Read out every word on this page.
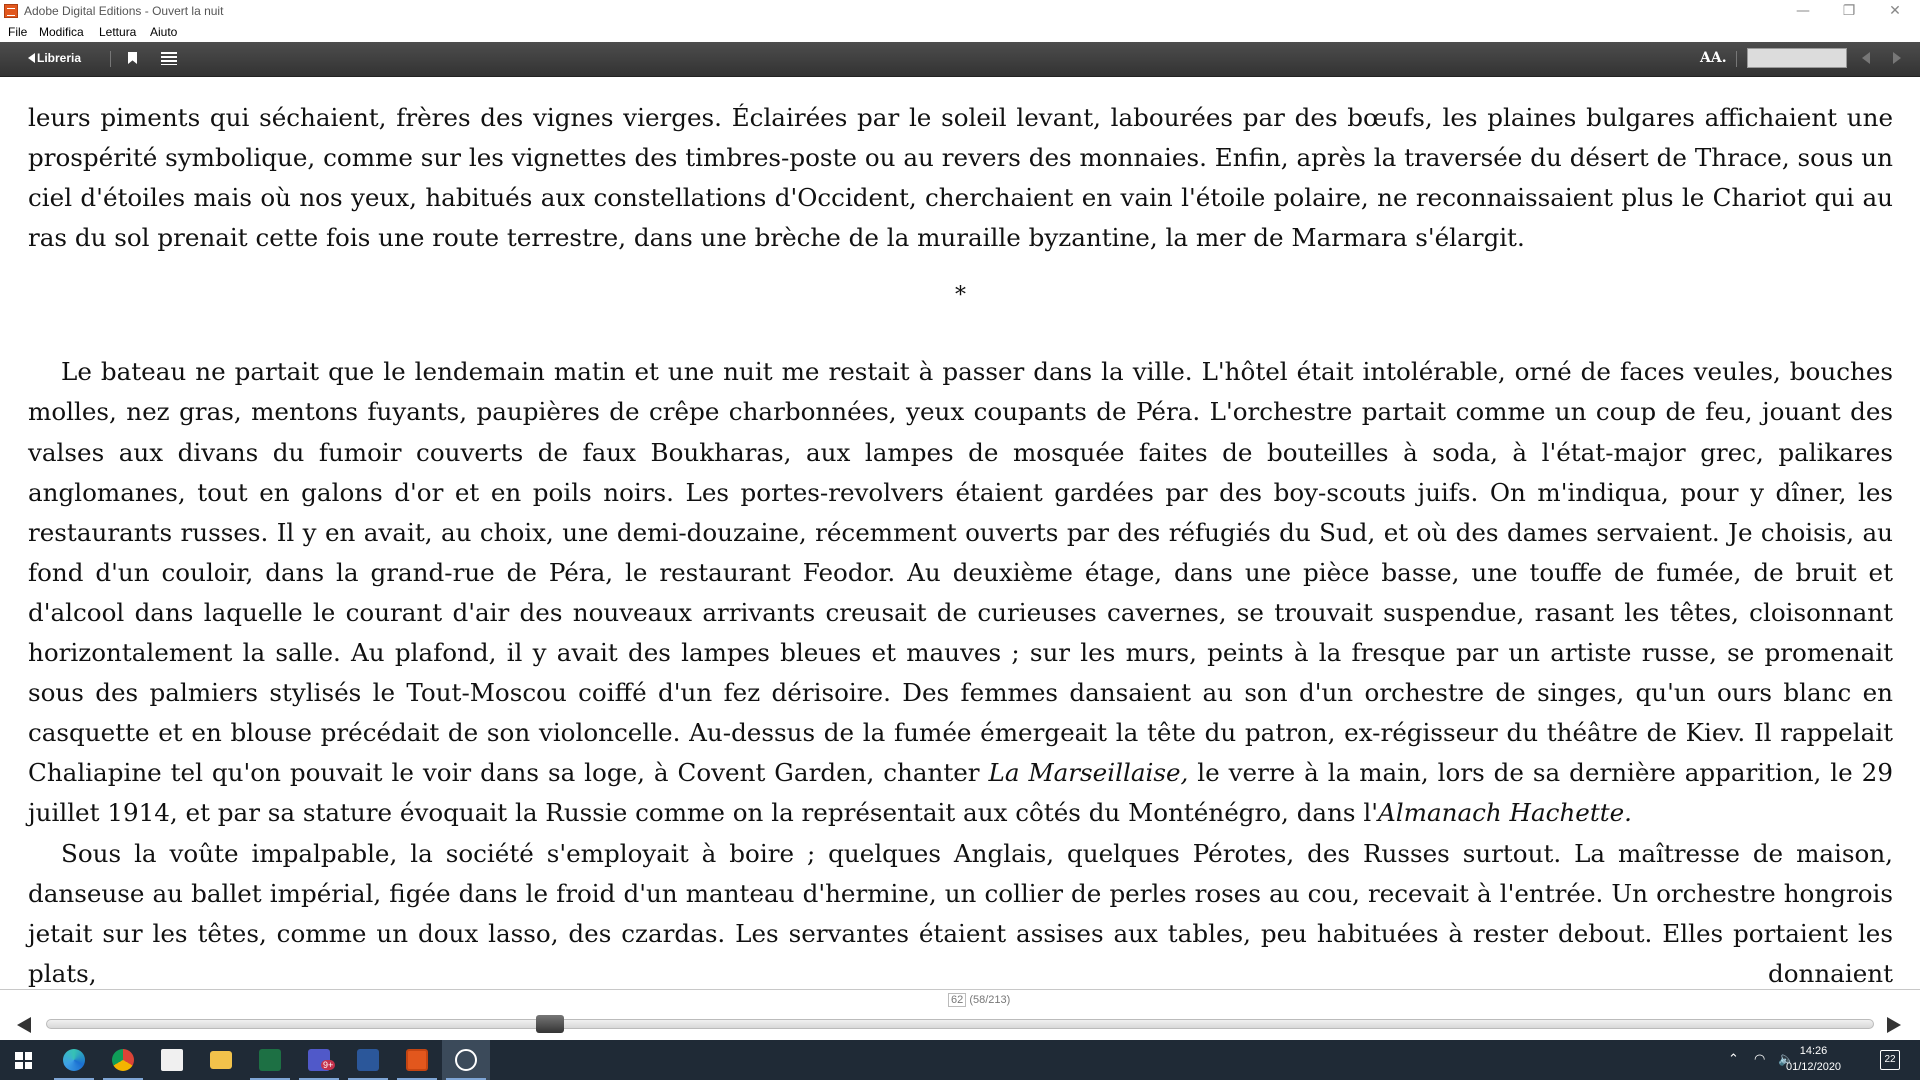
Adobe Digital Editions - Ouvert la nuit	—	❐	✕
File Modifica Lettura Aiuto
Libreria	AA.

leurs piments qui séchaient, frères des vignes vierges. Éclairées par le soleil levant, labourées par des bœufs, les plaines bulgares affichaient une prospérité symbolique, comme sur les vignettes des timbres-poste ou au revers des monnaies. Enfin, après la traversée du désert de Thrace, sous un ciel d'étoiles mais où nos yeux, habitués aux constellations d'Occident, cherchaient en vain l'étoile polaire, ne reconnaissaient plus le Chariot qui au ras du sol prenait cette fois une route terrestre, dans une brèche de la muraille byzantine, la mer de Marmara s'élargit.

*

Le bateau ne partait que le lendemain matin et une nuit me restait à passer dans la ville. L'hôtel était intolérable, orné de faces veules, bouches molles, nez gras, mentons fuyants, paupières de crêpe charbonnées, yeux coupants de Péra. L'orchestre partait comme un coup de feu, jouant des valses aux divans du fumoir couverts de faux Boukharas, aux lampes de mosquée faites de bouteilles à soda, à l'état-major grec, palikares anglomanes, tout en galons d'or et en poils noirs. Les portes-revolvers étaient gardées par des boy-scouts juifs. On m'indiqua, pour y dîner, les restaurants russes. Il y en avait, au choix, une demi-douzaine, récemment ouverts par des réfugiés du Sud, et où des dames servaient. Je choisis, au fond d'un couloir, dans la grand-rue de Péra, le restaurant Feodor. Au deuxième étage, dans une pièce basse, une touffe de fumée, de bruit et d'alcool dans laquelle le courant d'air des nouveaux arrivants creusait de curieuses cavernes, se trouvait suspendue, rasant les têtes, cloisonnant horizontalement la salle. Au plafond, il y avait des lampes bleues et mauves ; sur les murs, peints à la fresque par un artiste russe, se promenait sous des palmiers stylisés le Tout-Moscou coiffé d'un fez dérisoire. Des femmes dansaient au son d'un orchestre de singes, qu'un ours blanc en casquette et en blouse précédait de son violoncelle. Au-dessus de la fumée émergeait la tête du patron, ex-régisseur du théâtre de Kiev. Il rappelait Chaliapine tel qu'on pouvait le voir dans sa loge, à Covent Garden, chanter La Marseillaise, le verre à la main, lors de sa dernière apparition, le 29 juillet 1914, et par sa stature évoquait la Russie comme on la représentait aux côtés du Monténégro, dans l'Almanach Hachette.

Sous la voûte impalpable, la société s'employait à boire ; quelques Anglais, quelques Pérotes, des Russes surtout. La maîtresse de maison, danseuse au ballet impérial, figée dans le froid d'un manteau d'hermine, un collier de perles roses au cou, recevait à l'entrée. Un orchestre hongrois jetait sur les têtes, comme un doux lasso, des czardas. Les servantes étaient assises aux tables, peu habituées à rester debout. Elles portaient les plats, donnaient

62 (58/213)
9+	⌃ ◠ 🔈
14:26
01/12/2020
22
